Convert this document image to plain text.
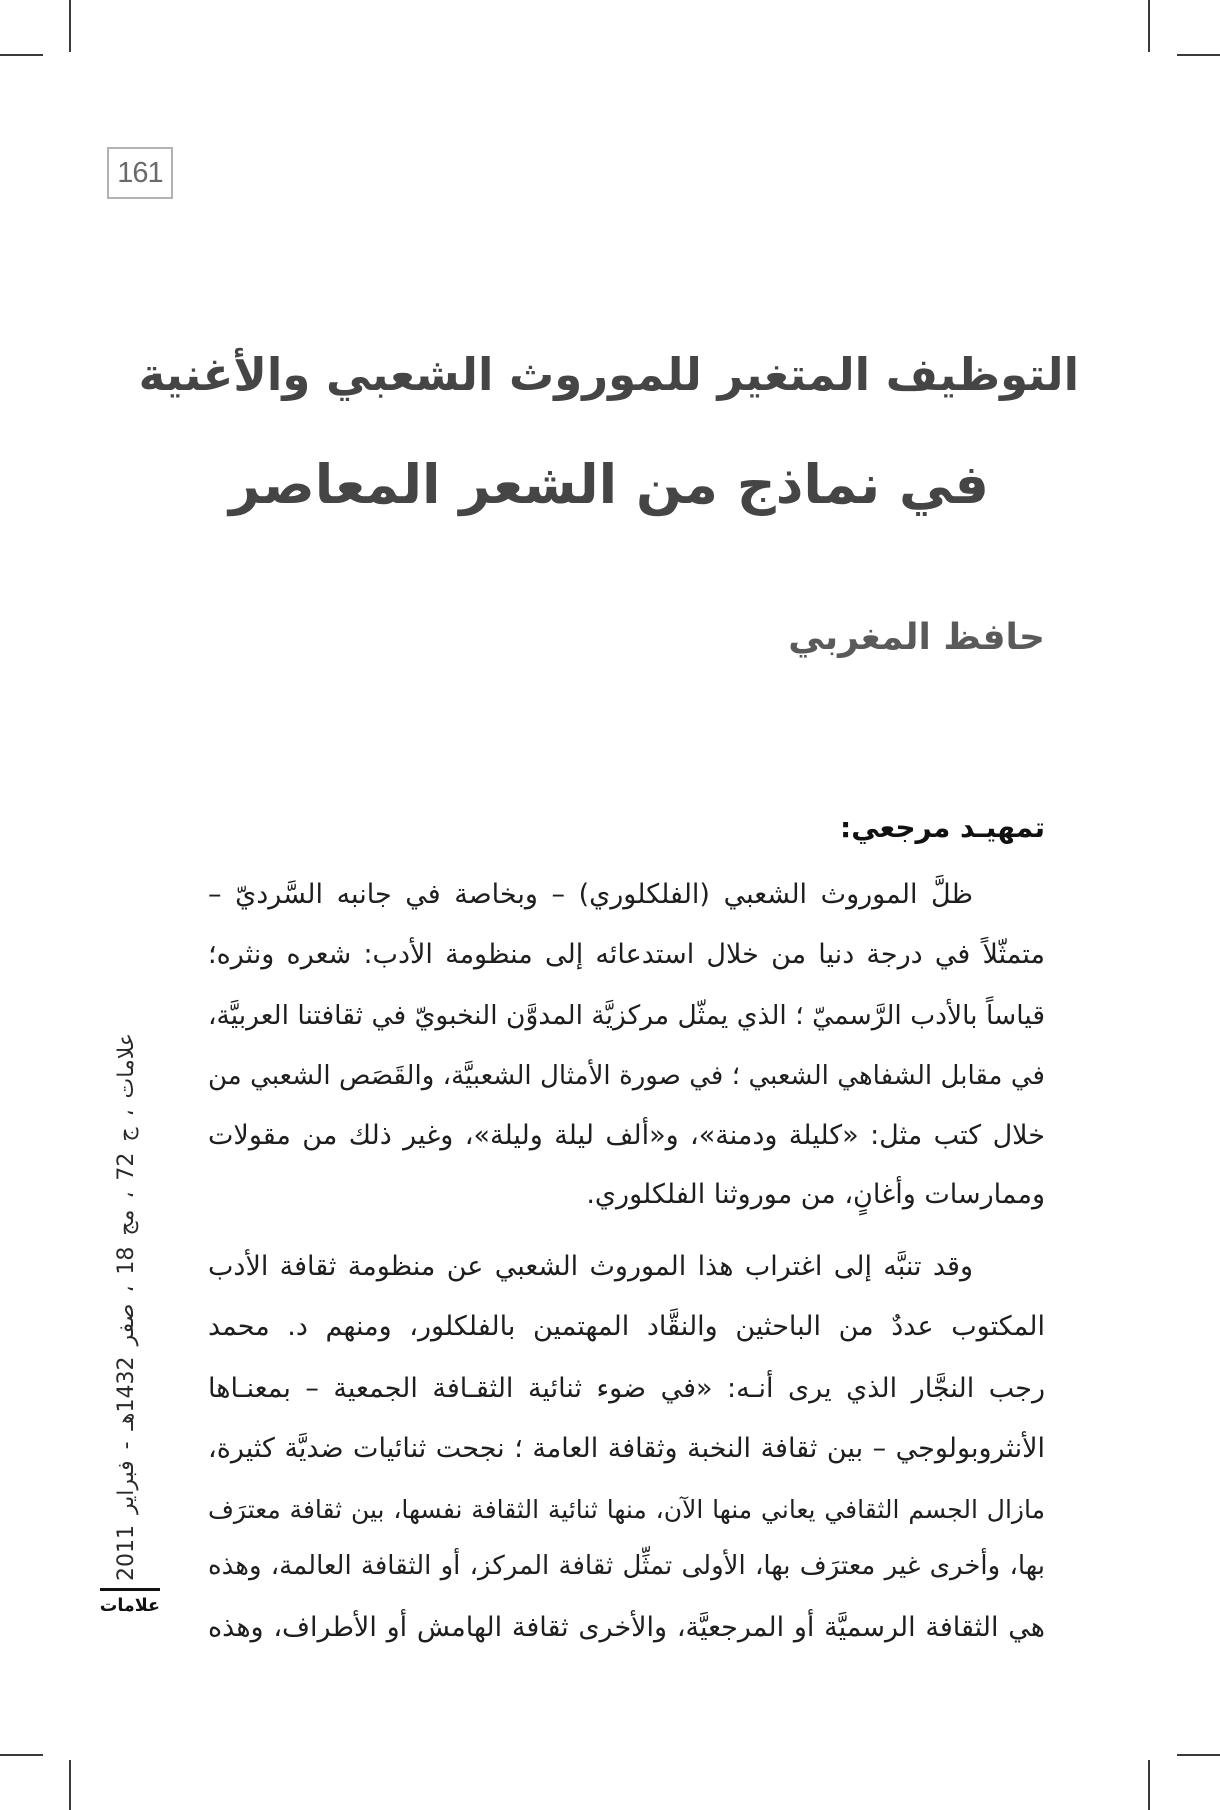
161
التوظيف المتغير للموروث الشعبي والأغنية
في نماذج من الشعر المعاصر
حافظ المغربي
تمهيـد مرجعي:
ظلَّ الموروث الشعبي (الفلكلوري) – وبخاصة في جانبه السَّرديّ –
متمثّلاً في درجة دنيا من خلال استدعائه إلى منظومة الأدب: شعره ونثره؛
قياساً بالأدب الرَّسميّ ؛ الذي يمثّل مركزيَّة المدوَّن النخبويّ في ثقافتنا العربيَّة،
في مقابل الشفاهي الشعبي ؛ في صورة الأمثال الشعبيَّة، والقَصَص الشعبي من
خلال كتب مثل: «كليلة ودمنة»، و«ألف ليلة وليلة»، وغير ذلك من مقولات
وممارسات وأغانٍ، من موروثنا الفلكلوري.
وقد تنبَّه إلى اغتراب هذا الموروث الشعبي عن منظومة ثقافة الأدب
المكتوب عددٌ من الباحثين والنقَّاد المهتمين بالفلكلور، ومنهم د. محمد
رجب النجَّار الذي يرى أنـه: «في ضوء ثنائية الثقـافة الجمعية – بمعنـاها
الأنثروبولوجي – بين ثقافة النخبة وثقافة العامة ؛ نجحت ثنائيات ضديَّة كثيرة،
مازال الجسم الثقافي يعاني منها الآن، منها ثنائية الثقافة نفسها، بين ثقافة معترَف
بها، وأخرى غير معترَف بها، الأولى تمثِّل ثقافة المركز، أو الثقافة العالمة، وهذه
هي الثقافة الرسميَّة أو المرجعيَّة، والأخرى ثقافة الهامش أو الأطراف، وهذه
علامات ، ج 72 ، مج 18 ، صفر 1432هـ - فبراير 2011
علامات
